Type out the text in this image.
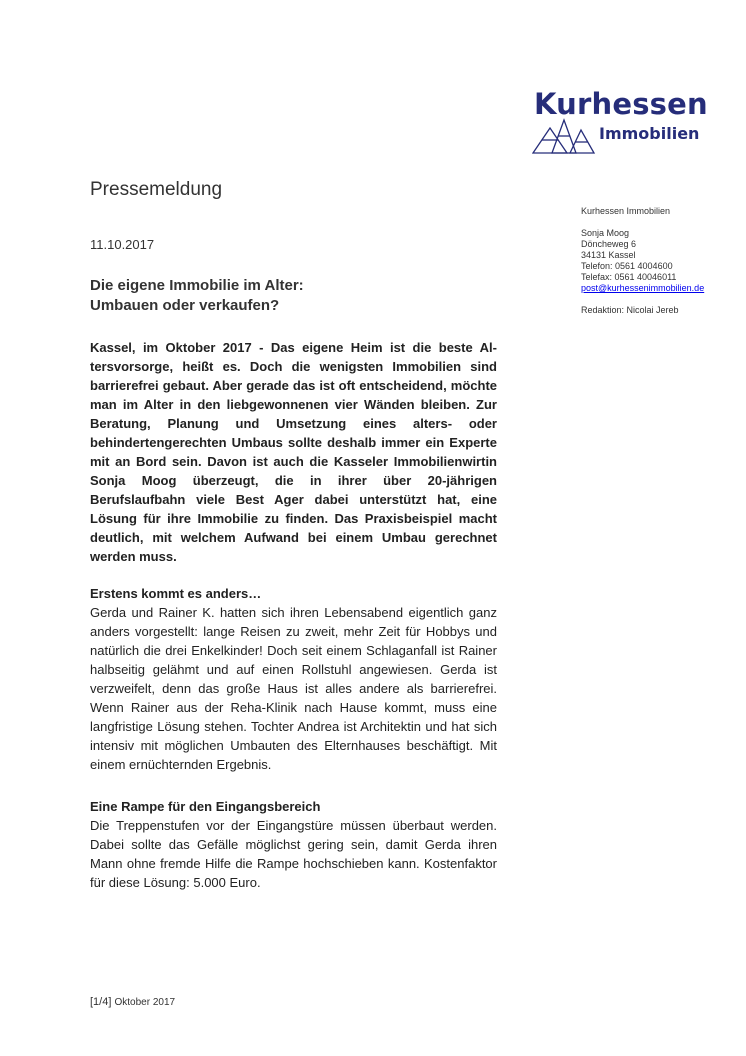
Kurhessen
Immobilien
Pressemeldung
11.10.2017
Die eigene Immobilie im Alter:
Umbauen oder verkaufen?
Kassel, im Oktober 2017 - Das eigene Heim ist die beste Altersvorsorge, heißt es. Doch die wenigsten Immobilien sind barrierefrei gebaut. Aber gerade das ist oft entscheidend, möchte man im Alter in den liebgewonnenen vier Wänden bleiben. Zur Beratung, Planung und Umsetzung eines alters- oder behindertengerechten Umbaus sollte deshalb immer ein Experte mit an Bord sein. Davon ist auch die Kasseler Immobilienwirtin Sonja Moog überzeugt, die in ihrer über 20-jährigen Berufslaufbahn viele Best Ager dabei unterstützt hat, eine Lösung für ihre Immobilie zu finden. Das Praxisbeispiel macht deutlich, mit welchem Aufwand bei einem Umbau gerechnet werden muss.
Erstens kommt es anders…
Gerda und Rainer K. hatten sich ihren Lebensabend eigentlich ganz anders vorgestellt: lange Reisen zu zweit, mehr Zeit für Hobbys und natürlich die drei Enkelkinder! Doch seit einem Schlaganfall ist Rainer halbseitig gelähmt und auf einen Rollstuhl angewiesen. Gerda ist verzweifelt, denn das große Haus ist alles andere als barrierefrei. Wenn Rainer aus der Reha-Klinik nach Hause kommt, muss eine langfristige Lösung stehen. Tochter Andrea ist Architektin und hat sich intensiv mit möglichen Umbauten des Elternhauses beschäftigt. Mit einem ernüchternden Ergebnis.
Eine Rampe für den Eingangsbereich
Die Treppenstufen vor der Eingangstüre müssen überbaut werden. Dabei sollte das Gefälle möglichst gering sein, damit Gerda ihren Mann ohne fremde Hilfe die Rampe hochschieben kann. Kostenfaktor für diese Lösung: 5.000 Euro.
Kurhessen Immobilien
Sonja Moog
Döncheweg 6
34131 Kassel
Telefon: 0561 4004600
Telefax: 0561 40046011
post@kurhessenimmobilien.de
Redaktion: Nicolai Jereb
[1/4] Oktober 2017
